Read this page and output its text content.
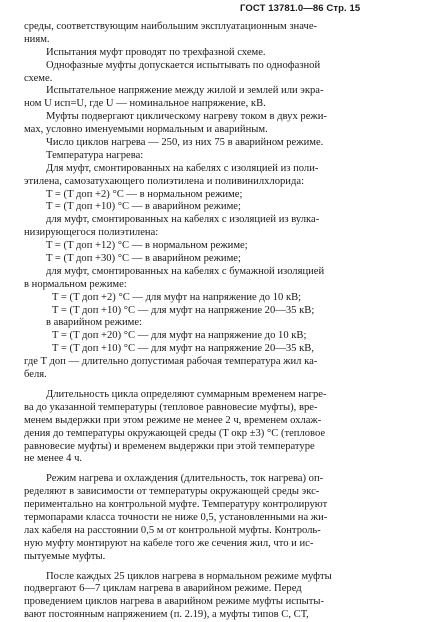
ГОСТ 13781.0—86 Стр. 15
среды, соответствующим наибольшим эксплуатационным значе-
ниям.
Испытания муфт проводят по трехфазной схеме.
Однофазные муфты допускается испытывать по однофазной
схеме.
Испытательное напряжение между жилой и землей или экра-
ном U исп=U, где U — номинальное напряжение, кВ.
Муфты подвергают циклическому нагреву током в двух режи-
мах, условно именуемыми нормальным и аварийным.
Число циклов нагрева — 250, из них 75 в аварийном режиме.
Температура нагрева:
Для муфт, смонтированных на кабелях с изоляцией из поли-
этилена, самозатухающего полиэтилена и поливинилхлорида:
T = (T доп +2) °С — в нормальном режиме;
T = (T доп +10) °С — в аварийном режиме;
для муфт, смонтированных на кабелях с изоляцией из вулка-
низирующегося полиэтилена:
T = (T доп +12) °С — в нормальном режиме;
T = (T доп +30) °С — в аварийном режиме;
для муфт, смонтированных на кабелях с бумажной изоляцией
в нормальном режиме:
T = (T доп +2) °С — для муфт на напряжение до 10 кВ;
T = (T доп +10) °С — для муфт на напряжение 20—35 кВ;
в аварийном режиме:
T = (T доп +20) °С — для муфт на напряжение до 10 кВ;
T = (T доп +10) °С — для муфт на напряжение 20—35 кВ,
где T доп — длительно допустимая рабочая температура жил ка-
беля.
Длительность цикла определяют суммарным временем нагре-
ва до указанной температуры (тепловое равновесие муфты), вре-
менем выдержки при этом режиме не менее 2 ч, временем охлаж-
дения до температуры окружающей среды (T окр ±3) °С (тепловое
равновесие муфты) и временем выдержки при этой температуре
не менее 4 ч.
Режим нагрева и охлаждения (длительность, ток нагрева) оп-
ределяют в зависимости от температуры окружающей среды экс-
периментально на контрольной муфте. Температуру контролируют
термопарами класса точности не ниже 0,5, установленными на жи-
лах кабеля на расстоянии 0,5 м от контрольной муфты. Контроль-
ную муфту монтируют на кабеле того же сечения жил, что и ис-
пытуемые муфты.
После каждых 25 циклов нагрева в нормальном режиме муфты
подвергают 6—7 циклам нагрева в аварийном режиме. Перед
проведением циклов нагрева в аварийном режиме муфты испыты-
вают постоянным напряжением (п. 2.19), а муфты типов С, СТ,
